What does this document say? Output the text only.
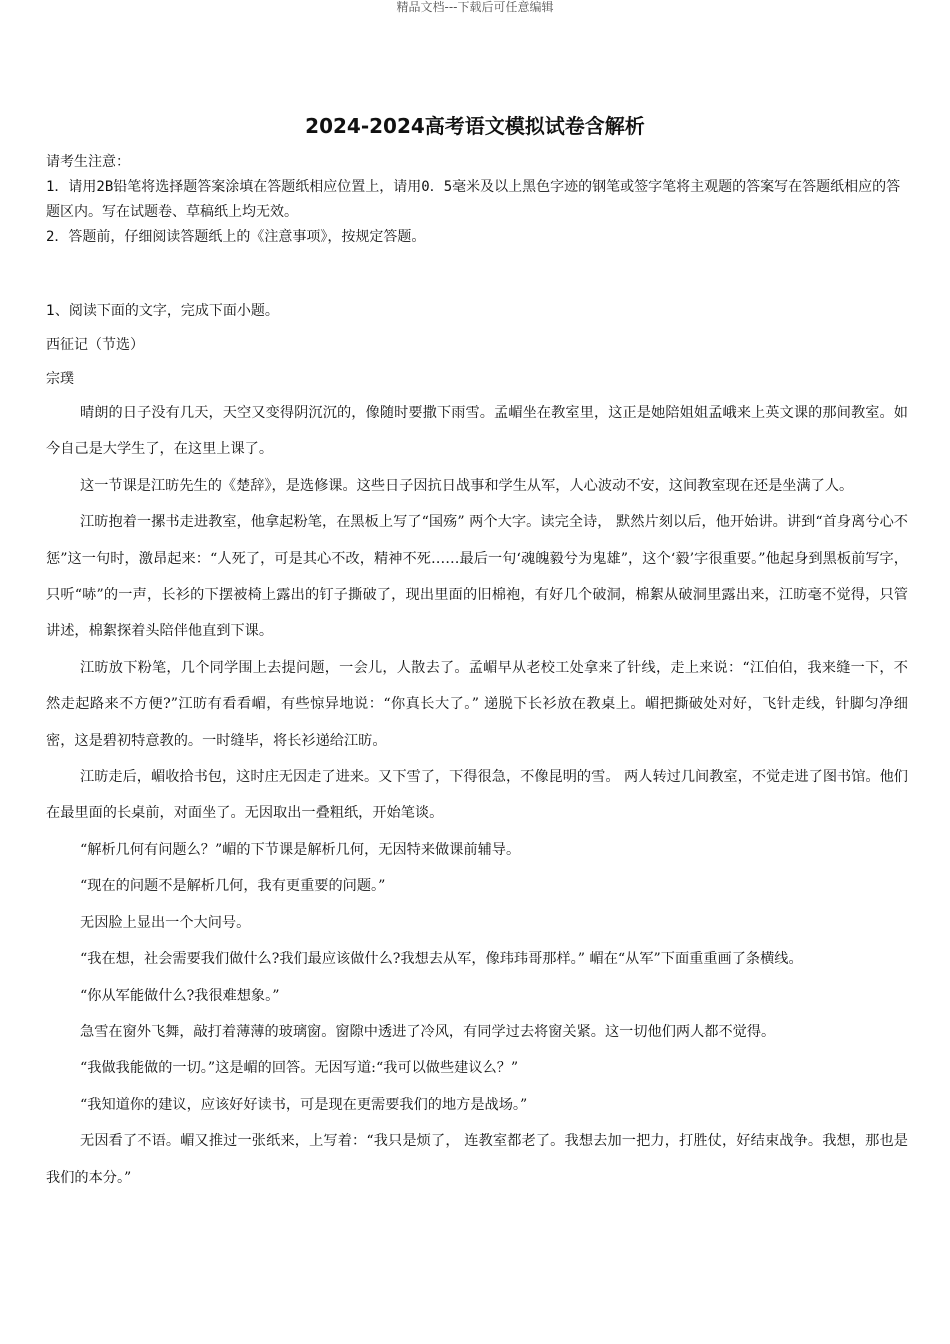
精品文档---下载后可任意编辑
2024-2024高考语文模拟试卷含解析

请考生注意：

1．请用2B铅笔将选择题答案涂填在答题纸相应位置上，请用0．5毫米及以上黑色字迹的钢笔或签字笔将主观题的答案写在答题纸相应的答题区内。写在试题卷、草稿纸上均无效。

2．答题前，仔细阅读答题纸上的《注意事项》，按规定答题。

1、阅读下面的文字，完成下面小题。
西征记（节选）
宗璞

晴朗的日子没有几天，天空又变得阴沉沉的，像随时要撒下雨雪。孟嵋坐在教室里，这正是她陪姐姐孟峨来上英文课的那间教室。如今自己是大学生了，在这里上课了。

这一节课是江昉先生的《楚辞》，是选修课。这些日子因抗日战事和学生从军，人心波动不安，这间教室现在还是坐满了人。

江昉抱着一摞书走进教室，他拿起粉笔，在黑板上写了“国殇” 两个大字。读完全诗， 默然片刻以后，他开始讲。讲到“首身离兮心不惩”这一句时，激昂起来：“人死了，可是其心不改，精神不死……最后一句‘魂魄毅兮为鬼雄”，这个‘毅’字很重要。”他起身到黑板前写字，只听“哧”的一声，长衫的下摆被椅上露出的钉子撕破了，现出里面的旧棉袍，有好几个破洞，棉絮从破洞里露出来，江昉毫不觉得，只管讲述，棉絮探着头陪伴他直到下课。

江昉放下粉笔，几个同学围上去提问题，一会儿，人散去了。孟嵋早从老校工处拿来了针线，走上来说：“江伯伯，我来缝一下，不然走起路来不方便?”江昉有看看嵋，有些惊异地说：“你真长大了。” 递脱下长衫放在教桌上。嵋把撕破处对好，飞针走线，针脚匀净细密，这是碧初特意教的。一时缝毕，将长衫递给江昉。

江昉走后，嵋收拾书包，这时庄无因走了进来。又下雪了，下得很急，不像昆明的雪。 两人转过几间教室，不觉走进了图书馆。他们在最里面的长桌前，对面坐了。无因取出一叠粗纸，开始笔谈。

“解析几何有问题么？”嵋的下节课是解析几何，无因特来做课前辅导。

“现在的问题不是解析几何，我有更重要的问题。”

无因脸上显出一个大问号。

“我在想，社会需要我们做什么?我们最应该做什么?我想去从军，像玮玮哥那样。” 嵋在“从军”下面重重画了条横线。

“你从军能做什么?我很难想象。”

急雪在窗外飞舞，敲打着薄薄的玻璃窗。窗隙中透进了冷风，有同学过去将窗关紧。这一切他们两人都不觉得。

“我做我能做的一切。”这是嵋的回答。无因写道:“我可以做些建议么？”

“我知道你的建议，应该好好读书，可是现在更需要我们的地方是战场。”

无因看了不语。嵋又推过一张纸来，上写着：“我只是烦了， 连教室都老了。我想去加一把力，打胜仗，好结束战争。我想，那也是我们的本分。”
